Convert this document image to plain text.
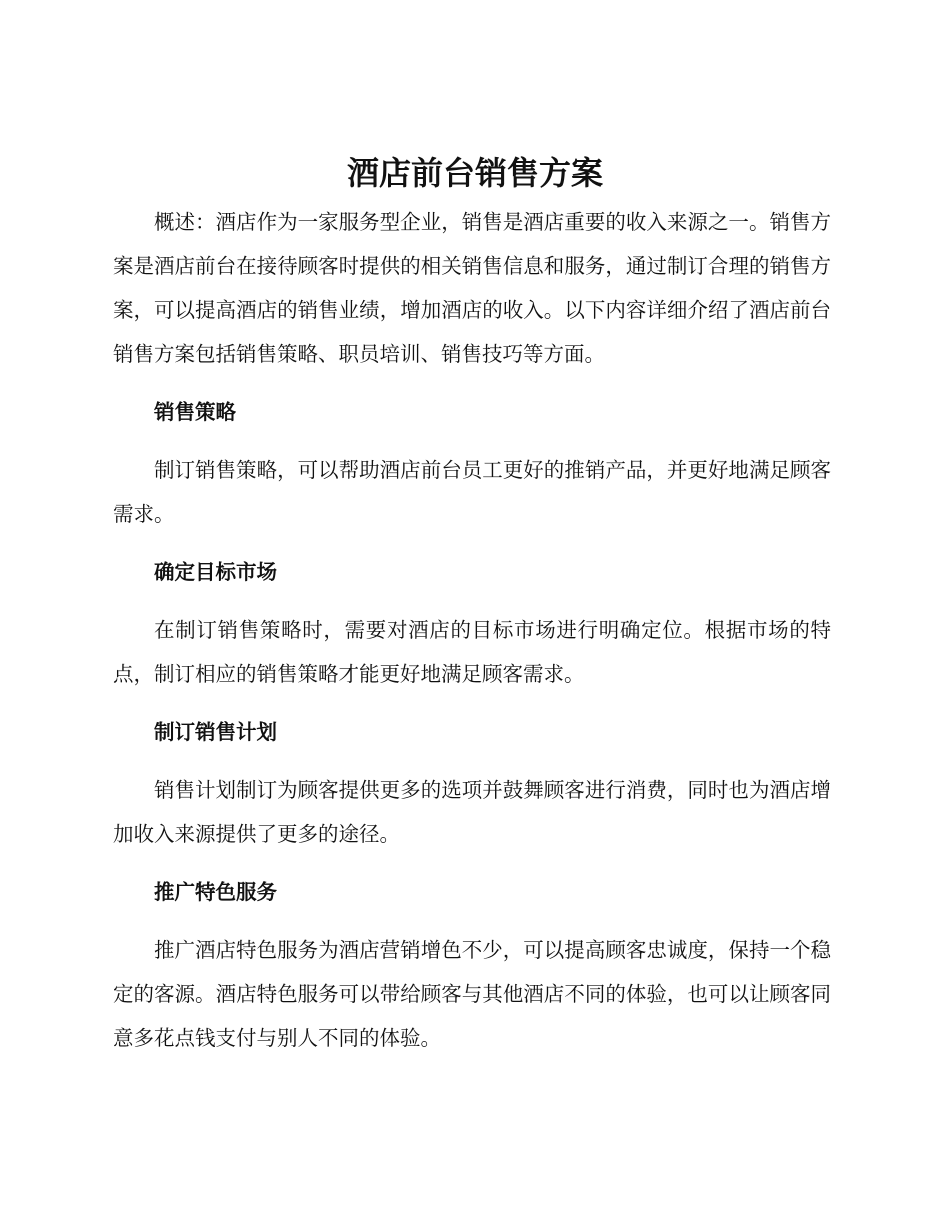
酒店前台销售方案

概述：酒店作为一家服务型企业，销售是酒店重要的收入来源之一。销售方案是酒店前台在接待顾客时提供的相关销售信息和服务，通过制订合理的销售方案，可以提高酒店的销售业绩，增加酒店的收入。以下内容详细介绍了酒店前台销售方案包括销售策略、职员培训、销售技巧等方面。

销售策略

制订销售策略，可以帮助酒店前台员工更好的推销产品，并更好地满足顾客需求。

确定目标市场

在制订销售策略时，需要对酒店的目标市场进行明确定位。根据市场的特点，制订相应的销售策略才能更好地满足顾客需求。

制订销售计划

销售计划制订为顾客提供更多的选项并鼓舞顾客进行消费，同时也为酒店增加收入来源提供了更多的途径。

推广特色服务

推广酒店特色服务为酒店营销增色不少，可以提高顾客忠诚度，保持一个稳定的客源。酒店特色服务可以带给顾客与其他酒店不同的体验，也可以让顾客同意多花点钱支付与别人不同的体验。
